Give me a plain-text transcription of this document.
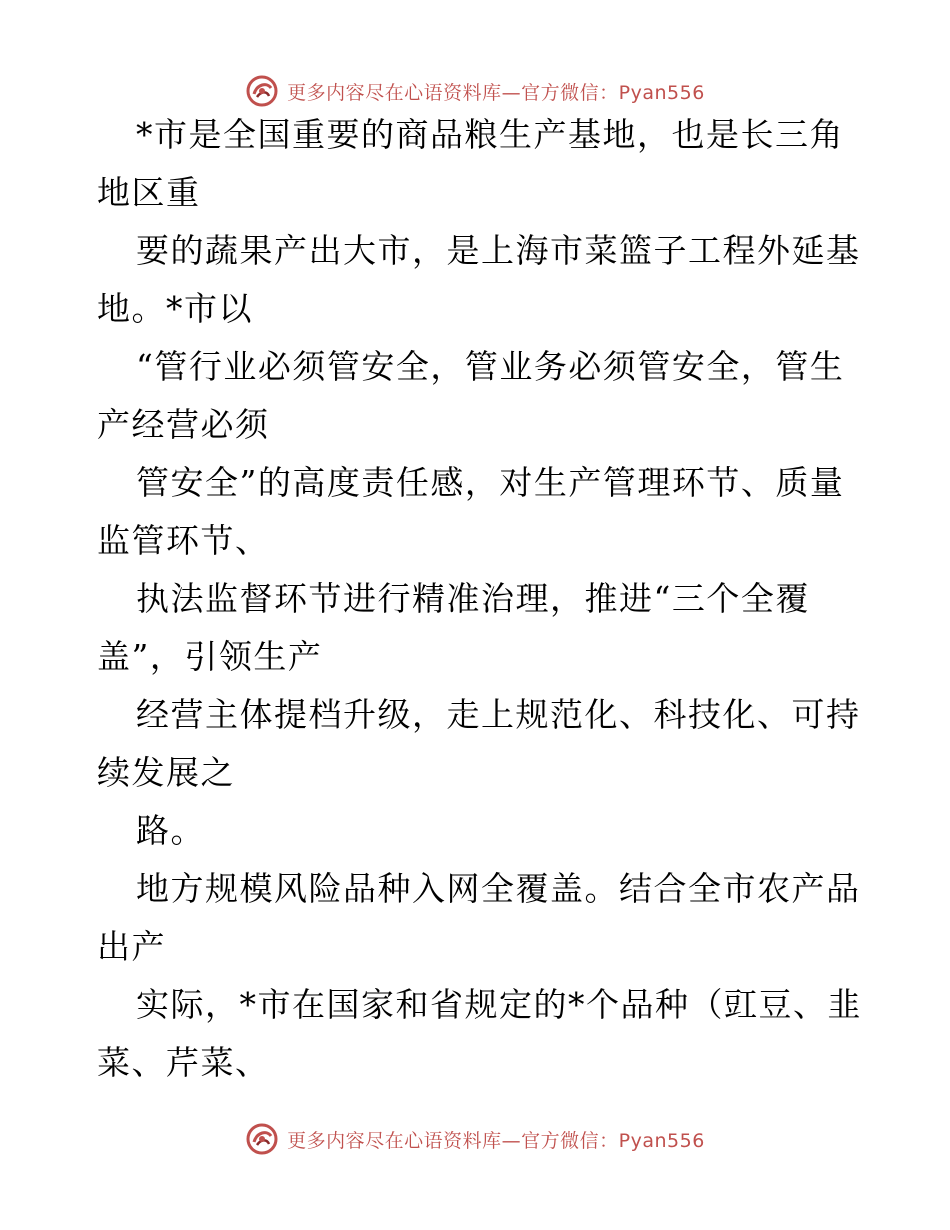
更多内容尽在心语资料库—官方微信：Pyan556
*市是全国重要的商品粮生产基地，也是长三角
地区重
要的蔬果产出大市，是上海市菜篮子工程外延基
地。*市以
“管行业必须管安全，管业务必须管安全，管生
产经营必须
管安全”的高度责任感，对生产管理环节、质量
监管环节、
执法监督环节进行精准治理，推进“三个全覆
盖”，引领生产
经营主体提档升级，走上规范化、科技化、可持
续发展之
路。
地方规模风险品种入网全覆盖。结合全市农产品
出产
实际，*市在国家和省规定的*个品种（豇豆、韭
菜、芹菜、
更多内容尽在心语资料库—官方微信：Pyan556
